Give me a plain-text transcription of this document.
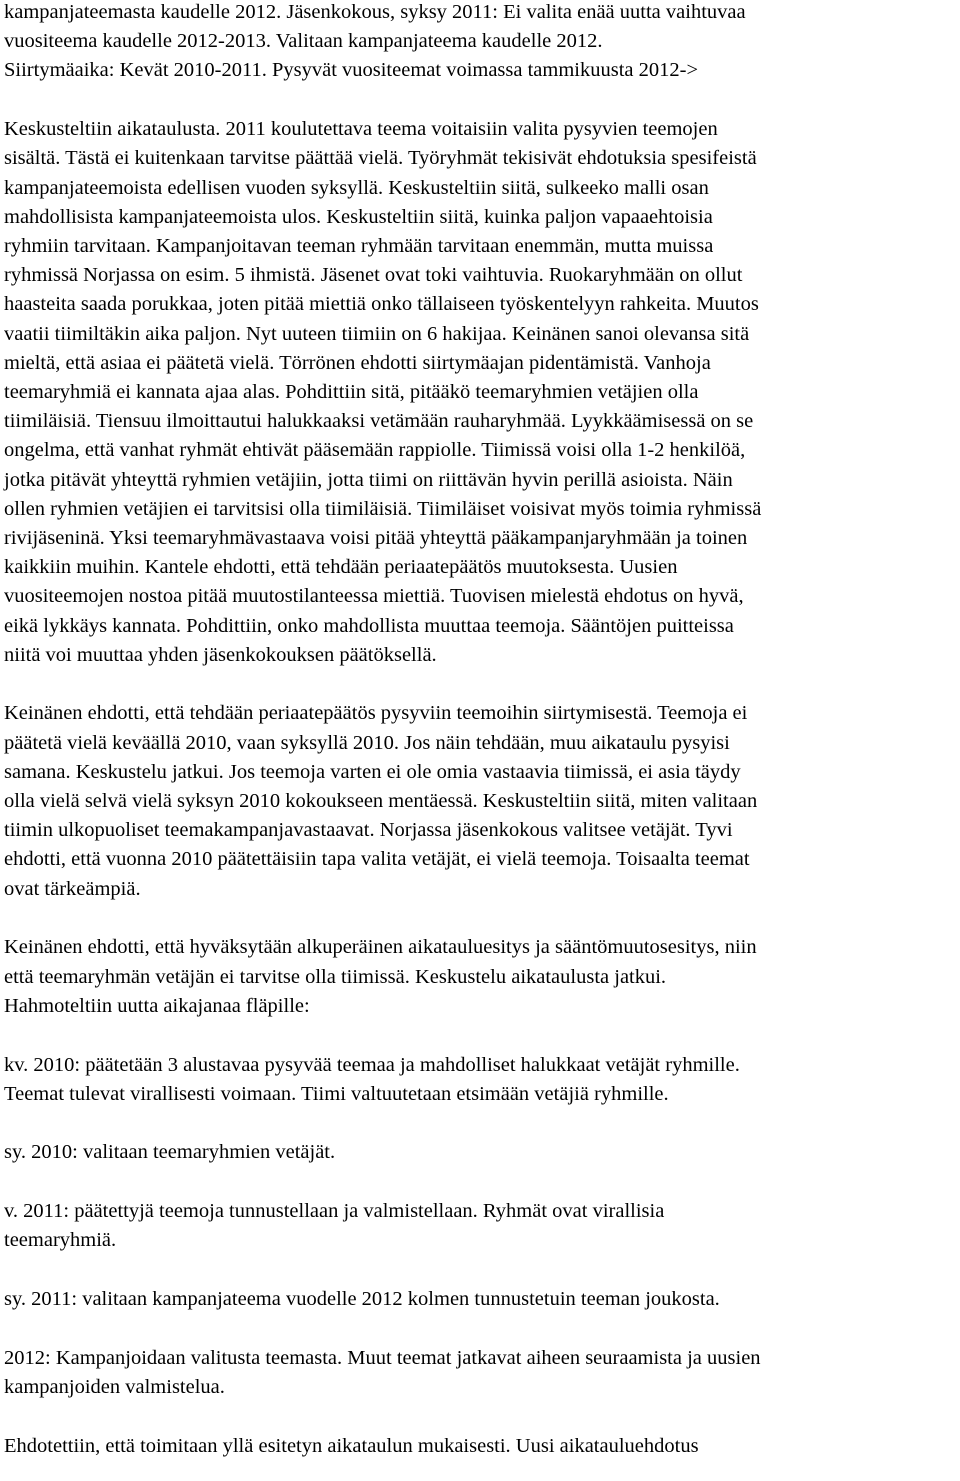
kampanjateemasta kaudelle 2012. Jäsenkokous, syksy 2011: Ei valita enää uutta vaihtuvaa
vuositeema kaudelle 2012-2013. Valitaan kampanjateema kaudelle 2012.
Siirtymäaika: Kevät 2010-2011. Pysyvät vuositeemat voimassa tammikuusta 2012->
Keskusteltiin aikataulusta. 2011 koulutettava teema voitaisiin valita pysyvien teemojen
sisältä. Tästä ei kuitenkaan tarvitse päättää vielä. Työryhmät tekisivät ehdotuksia spesifeistä
kampanjateemoista edellisen vuoden syksyllä. Keskusteltiin siitä, sulkeeko malli osan
mahdollisista kampanjateemoista ulos. Keskusteltiin siitä, kuinka paljon vapaaehtoisia
ryhmiin tarvitaan. Kampanjoitavan teeman ryhmään tarvitaan enemmän, mutta muissa
ryhmissä Norjassa on esim. 5 ihmistä. Jäsenet ovat toki vaihtuvia. Ruokaryhmään on ollut
haasteita saada porukkaa, joten pitää miettiä onko tällaiseen työskentelyyn rahkeita. Muutos
vaatii tiimiltäkin aika paljon. Nyt uuteen tiimiin on 6 hakijaa. Keinänen sanoi olevansa sitä
mieltä, että asiaa ei päätetä vielä. Törrönen ehdotti siirtymäajan pidentämistä. Vanhoja
teemaryhmiä ei kannata ajaa alas. Pohdittiin sitä, pitääkö teemaryhmien vetäjien olla
tiimiläisiä. Tiensuu ilmoittautui halukkaaksi vetämään rauharyhmää. Lyykkäämisessä on se
ongelma, että vanhat ryhmät ehtivät pääsemään rappiolle. Tiimissä voisi olla 1-2 henkilöä,
jotka pitävät yhteyttä ryhmien vetäjiin, jotta tiimi on riittävän hyvin perillä asioista. Näin
ollen ryhmien vetäjien ei tarvitsisi olla tiimiläisiä. Tiimiläiset voisivat myös toimia ryhmissä
rivijäseninä. Yksi teemaryhmävastaava voisi pitää yhteyttä pääkampanjaryhmään ja toinen
kaikkiin muihin. Kantele ehdotti, että tehdään periaatepäätös muutoksesta. Uusien
vuositeemojen nostoa pitää muutostilanteessa miettiä. Tuovisen mielestä ehdotus on hyvä,
eikä lykkäys kannata. Pohdittiin, onko mahdollista muuttaa teemoja. Sääntöjen puitteissa
niitä voi muuttaa yhden jäsenkokouksen päätöksellä.
Keinänen ehdotti, että tehdään periaatepäätös pysyviin teemoihin siirtymisestä. Teemoja ei
päätetä vielä keväällä 2010, vaan syksyllä 2010. Jos näin tehdään, muu aikataulu pysyisi
samana. Keskustelu jatkui. Jos teemoja varten ei ole omia vastaavia tiimissä, ei asia täydy
olla vielä selvä vielä syksyn 2010 kokoukseen mentäessä. Keskusteltiin siitä, miten valitaan
tiimin ulkopuoliset teemakampanjavastaavat. Norjassa jäsenkokous valitsee vetäjät. Tyvi
ehdotti, että vuonna 2010 päätettäisiin tapa valita vetäjät, ei vielä teemoja. Toisaalta teemat
ovat tärkeämpiä.
Keinänen ehdotti, että hyväksytään alkuperäinen aikatauluesitys ja sääntömuutosesitys, niin
että teemaryhmän vetäjän ei tarvitse olla tiimissä. Keskustelu aikataulusta jatkui.
Hahmoteltiin uutta aikajanaa fläpille:
kv. 2010: päätetään 3 alustavaa pysyvää teemaa ja mahdolliset halukkaat vetäjät ryhmille.
Teemat tulevat virallisesti voimaan. Tiimi valtuutetaan etsimään vetäjiä ryhmille.
sy. 2010: valitaan teemaryhmien vetäjät.
v. 2011: päätettyjä teemoja tunnustellaan ja valmistellaan. Ryhmät ovat virallisia
teemaryhmiä.
sy. 2011: valitaan kampanjateema vuodelle 2012 kolmen tunnustetuin teeman joukosta.
2012: Kampanjoidaan valitusta teemasta. Muut teemat jatkavat aiheen seuraamista ja uusien
kampanjoiden valmistelua.
Ehdotettiin, että toimitaan yllä esitetyn aikataulun mukaisesti. Uusi aikatauluehdotus
